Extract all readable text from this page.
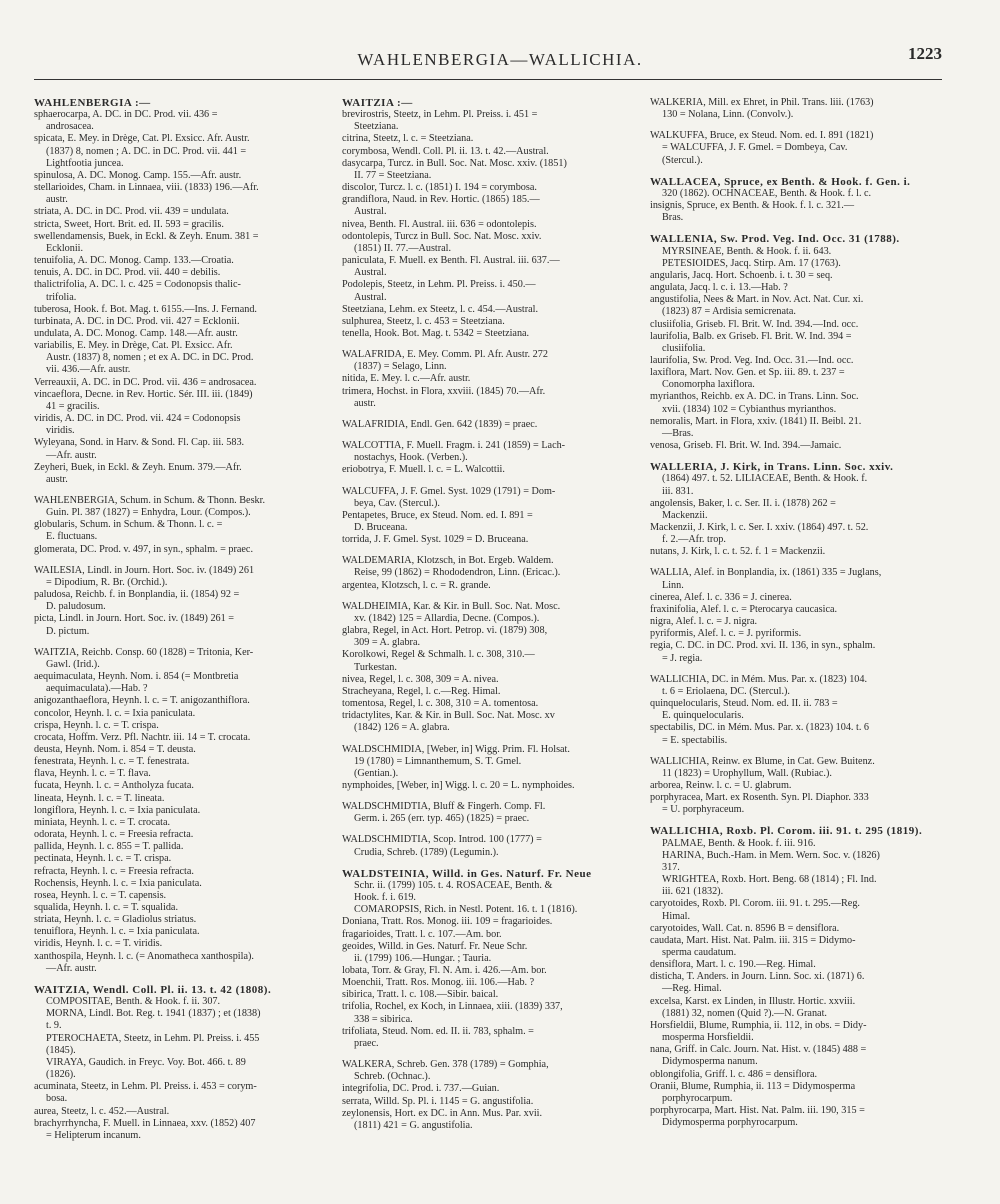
WAHLENBERGIA—WALLICHIA.	1223
WAHLENBERGIA :—
sphaerocarpa, A. DC. in DC. Prod. vii. 436 =
androsacea.
spicata, E. Mey. in Drège, Cat. Pl. Exsicc. Afr. Austr.
(1837) 8, nomen ; A. DC. in DC. Prod. vii. 441 =
Lightfootia juncea.
spinulosa, A. DC. Monog. Camp. 155.—Afr. austr.
stellarioides, Cham. in Linnaea, viii. (1833) 196.—Afr.
austr.
striata, A. DC. in DC. Prod. vii. 439 = undulata.
stricta, Sweet, Hort. Brit. ed. II. 593 = gracilis.
swellendamensis, Buek, in Eckl. & Zeyh. Enum. 381 =
Ecklonii.
tenuifolia, A. DC. Monog. Camp. 133.—Croatia.
tenuis, A. DC. in DC. Prod. vii. 440 = debilis.
thalictrifolia, A. DC. l. c. 425 = Codonopsis thalic-
trifolia.
tuberosa, Hook. f. Bot. Mag. t. 6155.—Ins. J. Fernand.
turbinata, A. DC. in DC. Prod. vii. 427 = Ecklonii.
undulata, A. DC. Monog. Camp. 148.—Afr. austr.
variabilis, E. Mey. in Drège, Cat. Pl. Exsicc. Afr.
Austr. (1837) 8, nomen ; et ex A. DC. in DC. Prod.
vii. 436.—Afr. austr.
Verreauxii, A. DC. in DC. Prod. vii. 436 = androsacea.
vincaeflora, Decne. in Rev. Hortic. Sér. III. iii. (1849)
41 = gracilis.
viridis, A. DC. in DC. Prod. vii. 424 = Codonopsis
viridis.
Wyleyana, Sond. in Harv. & Sond. Fl. Cap. iii. 583.
—Afr. austr.
Zeyheri, Buek, in Eckl. & Zeyh. Enum. 379.—Afr.
austr.
WAHLENBERGIA, Schum. in Schum. & Thonn. Beskr.
Guin. Pl. 387 (1827) = Enhydra, Lour. (Compos.).
globularis, Schum. in Schum. & Thonn. l. c. =
E. fluctuans.
glomerata, DC. Prod. v. 497, in syn., sphalm. = praec.
WAILESIA, Lindl. in Journ. Hort. Soc. iv. (1849) 261
= Dipodium, R. Br. (Orchid.).
paludosa, Reichb. f. in Bonplandia, ii. (1854) 92 =
D. paludosum.
picta, Lindl. in Journ. Hort. Soc. iv. (1849) 261 =
D. pictum.
WAITZIA, Reichb. Consp. 60 (1828) = Tritonia, Ker-
Gawl. (Irid.).
aequimaculata, Heynh. Nom. i. 854 (= Montbretia
aequimaculata).—Hab. ?
anigozanthaeflora, Heynh. l. c. = T. anigozanthiflora.
concolor, Heynh. l. c. = Ixia paniculata.
crispa, Heynh. l. c. = T. crispa.
crocata, Hoffm. Verz. Pfl. Nachtr. iii. 14 = T. crocata.
deusta, Heynh. Nom. i. 854 = T. deusta.
fenestrata, Heynh. l. c. = T. fenestrata.
flava, Heynh. l. c. = T. flava.
fucata, Heynh. l. c. = Antholyza fucata.
lineata, Heynh. l. c. = T. lineata.
longiflora, Heynh. l. c. = Ixia paniculata.
miniata, Heynh. l. c. = T. crocata.
odorata, Heynh. l. c. = Freesia refracta.
pallida, Heynh. l. c. 855 = T. pallida.
pectinata, Heynh. l. c. = T. crispa.
refracta, Heynh. l. c. = Freesia refracta.
Rochensis, Heynh. l. c. = Ixia paniculata.
rosea, Heynh. l. c. = T. capensis.
squalida, Heynh. l. c. = T. squalida.
striata, Heynh. l. c. = Gladiolus striatus.
tenuiflora, Heynh. l. c. = Ixia paniculata.
viridis, Heynh. l. c. = T. viridis.
xanthospila, Heynh. l. c. (= Anomatheca xanthospila).
—Afr. austr.
WAITZIA, Wendl. Coll. Pl. ii. 13. t. 42 (1808).
COMPOSITAE, Benth. & Hook. f. ii. 307.
MORNA, Lindl. Bot. Reg. t. 1941 (1837) ; et (1838)
t. 9.
PTEROCHAETA, Steetz, in Lehm. Pl. Preiss. i. 455
(1845).
VIRAYA, Gaudich. in Freyc. Voy. Bot. 466. t. 89
(1826).
acuminata, Steetz, in Lehm. Pl. Preiss. i. 453 = corym-
bosa.
aurea, Steetz, l. c. 452.—Austral.
brachyrrhyncha, F. Muell. in Linnaea, xxv. (1852) 407
= Helipterum incanum.
WAITZIA :—
brevirostris, Steetz, in Lehm. Pl. Preiss. i. 451 =
Steetziana.
citrina, Steetz, l. c. = Steetziana.
corymbosa, Wendl. Coll. Pl. ii. 13. t. 42.—Austral.
dasycarpa, Turcz. in Bull. Soc. Nat. Mosc. xxiv. (1851)
II. 77 = Steetziana.
discolor, Turcz. l. c. (1851) I. 194 = corymbosa.
grandiflora, Naud. in Rev. Hortic. (1865) 185.—
Austral.
nivea, Benth. Fl. Austral. iii. 636 = odontolepis.
odontolepis, Turcz in Bull. Soc. Nat. Mosc. xxiv.
(1851) II. 77.—Austral.
paniculata, F. Muell. ex Benth. Fl. Austral. iii. 637.—
Austral.
Podolepis, Steetz, in Lehm. Pl. Preiss. i. 450.—
Austral.
Steetziana, Lehm. ex Steetz, l. c. 454.—Austral.
sulphurea, Steetz, l. c. 453 = Steetziana.
tenella, Hook. Bot. Mag. t. 5342 = Steetziana.
WALAFRIDA, E. Mey. Comm. Pl. Afr. Austr. 272
(1837) = Selago, Linn.
nitida, E. Mey. l. c.—Afr. austr.
trimera, Hochst. in Flora, xxviii. (1845) 70.—Afr.
austr.
WALAFRIDIA, Endl. Gen. 642 (1839) = praec.
WALCOTTIA, F. Muell. Fragm. i. 241 (1859) = Lach-
nostachys, Hook. (Verben.).
eriobotrya, F. Muell. l. c. = L. Walcottii.
WALCUFFA, J. F. Gmel. Syst. 1029 (1791) = Dom-
beya, Cav. (Stercul.).
Pentapetes, Bruce, ex Steud. Nom. ed. I. 891 =
D. Bruceana.
torrida, J. F. Gmel. Syst. 1029 = D. Bruceana.
WALDEMARIA, Klotzsch, in Bot. Ergeb. Waldem.
Reise, 99 (1862) = Rhododendron, Linn. (Ericac.).
argentea, Klotzsch, l. c. = R. grande.
WALDHEIMIA, Kar. & Kir. in Bull. Soc. Nat. Mosc.
xv. (1842) 125 = Allardia, Decne. (Compos.).
glabra, Regel, in Act. Hort. Petrop. vi. (1879) 308,
309 = A. glabra.
Korolkowi, Regel & Schmalh. l. c. 308, 310.—
Turkestan.
nivea, Regel, l. c. 308, 309 = A. nivea.
Stracheyana, Regel, l. c.—Reg. Himal.
tomentosa, Regel, l. c. 308, 310 = A. tomentosa.
tridactylites, Kar. & Kir. in Bull. Soc. Nat. Mosc. xv
(1842) 126 = A. glabra.
WALDSCHMIDIA, [Weber, in] Wigg. Prim. Fl. Holsat.
19 (1780) = Limnanthemum, S. T. Gmel.
(Gentian.).
nymphoides, [Weber, in] Wigg. l. c. 20 = L. nymphoides.
WALDSCHMIDTIA, Bluff & Fingerh. Comp. Fl.
Germ. i. 265 (err. typ. 465) (1825) = praec.
WALDSCHMIDTIA, Scop. Introd. 100 (1777) =
Crudia, Schreb. (1789) (Legumin.).
WALDSTEINIA, Willd. in Ges. Naturf. Fr. Neue
Schr. ii. (1799) 105. t. 4. ROSACEAE, Benth. &
Hook. f. i. 619.
COMAROPSIS, Rich. in Nestl. Potent. 16. t. 1 (1816).
Doniana, Tratt. Ros. Monog. iii. 109 = fragarioides.
fragarioides, Tratt. l. c. 107.—Am. bor.
geoides, Willd. in Ges. Naturf. Fr. Neue Schr.
ii. (1799) 106.—Hungar. ; Tauria.
lobata, Torr. & Gray, Fl. N. Am. i. 426.—Am. bor.
Moenchii, Tratt. Ros. Monog. iii. 106.—Hab. ?
sibirica, Tratt. l. c. 108.—Sibir. baical.
trifolia, Rochel, ex Koch, in Linnaea, xiii. (1839) 337,
338 = sibirica.
trifoliata, Steud. Nom. ed. II. ii. 783, sphalm. =
praec.
WALKERA, Schreb. Gen. 378 (1789) = Gomphia,
Schreb. (Ochnac.).
integrifolia, DC. Prod. i. 737.—Guian.
serrata, Willd. Sp. Pl. i. 1145 = G. angustifolia.
zeylonensis, Hort. ex DC. in Ann. Mus. Par. xvii.
(1811) 421 = G. angustifolia.
WALKERIA, Mill. ex Ehret, in Phil. Trans. liii. (1763)
130 = Nolana, Linn. (Convolv.).
WALKUFFA, Bruce, ex Steud. Nom. ed. I. 891 (1821)
= WALCUFFA, J. F. Gmel. = Dombeya, Cav.
(Stercul.).
WALLACEA, Spruce, ex Benth. & Hook. f. Gen. i.
320 (1862). OCHNACEAE, Benth. & Hook. f. l. c.
insignis, Spruce, ex Benth. & Hook. f. l. c. 321.—
Bras.
WALLENIA, Sw. Prod. Veg. Ind. Occ. 31 (1788).
MYRSINEAE, Benth. & Hook. f. ii. 643.
PETESIOIDES, Jacq. Stirp. Am. 17 (1763).
angularis, Jacq. Hort. Schoenb. i. t. 30 = seq.
angulata, Jacq. l. c. i. 13.—Hab. ?
angustifolia, Nees & Mart. in Nov. Act. Nat. Cur. xi.
(1823) 87 = Ardisia semicrenata.
clusiifolia, Griseb. Fl. Brit. W. Ind. 394.—Ind. occ.
laurifolia, Balb. ex Griseb. Fl. Brit. W. Ind. 394 =
clusiifolia.
laurifolia, Sw. Prod. Veg. Ind. Occ. 31.—Ind. occ.
laxiflora, Mart. Nov. Gen. et Sp. iii. 89. t. 237 =
Conomorpha laxiflora.
myrianthos, Reichb. ex A. DC. in Trans. Linn. Soc.
xvii. (1834) 102 = Cybianthus myrianthos.
nemoralis, Mart. in Flora, xxiv. (1841) II. Beibl. 21.
—Bras.
venosa, Griseb. Fl. Brit. W. Ind. 394.—Jamaic.
WALLERIA, J. Kirk, in Trans. Linn. Soc. xxiv.
(1864) 497. t. 52. LILIACEAE, Benth. & Hook. f.
iii. 831.
angolensis, Baker, l. c. Ser. II. i. (1878) 262 =
Mackenzii.
Mackenzii, J. Kirk, l. c. Ser. I. xxiv. (1864) 497. t. 52.
f. 2.—Afr. trop.
nutans, J. Kirk, l. c. t. 52. f. 1 = Mackenzii.
WALLIA, Alef. in Bonplandia, ix. (1861) 335 = Juglans,
Linn.
cinerea, Alef. l. c. 336 = J. cinerea.
fraxinifolia, Alef. l. c. = Pterocarya caucasica.
nigra, Alef. l. c. = J. nigra.
pyriformis, Alef. l. c. = J. pyriformis.
regia, C. DC. in DC. Prod. xvi. II. 136, in syn., sphalm.
= J. regia.
WALLICHIA, DC. in Mém. Mus. Par. x. (1823) 104.
t. 6 = Eriolaena, DC. (Stercul.).
quinquelocularis, Steud. Nom. ed. II. ii. 783 =
E. quinquelocularis.
spectabilis, DC. in Mém. Mus. Par. x. (1823) 104. t. 6
= E. spectabilis.
WALLICHIA, Reinw. ex Blume, in Cat. Gew. Buitenz.
11 (1823) = Urophyllum, Wall. (Rubiac.).
arborea, Reinw. l. c. = U. glabrum.
porphyracea, Mart. ex Rosenth. Syn. Pl. Diaphor. 333
= U. porphyraceum.
WALLICHIA, Roxb. Pl. Corom. iii. 91. t. 295 (1819).
PALMAE, Benth. & Hook. f. iii. 916.
HARINA, Buch.-Ham. in Mem. Wern. Soc. v. (1826)
317.
WRIGHTEA, Roxb. Hort. Beng. 68 (1814) ; Fl. Ind.
iii. 621 (1832).
caryotoides, Roxb. Pl. Corom. iii. 91. t. 295.—Reg.
Himal.
caryotoides, Wall. Cat. n. 8596 B = densiflora.
caudata, Mart. Hist. Nat. Palm. iii. 315 = Didymo-
sperma caudatum.
densiflora, Mart. l. c. 190.—Reg. Himal.
disticha, T. Anders. in Journ. Linn. Soc. xi. (1871) 6.
—Reg. Himal.
excelsa, Karst. ex Linden, in Illustr. Hortic. xxviii.
(1881) 32, nomen (Quid ?).—N. Granat.
Horsfieldii, Blume, Rumphia, ii. 112, in obs. = Didy-
mosperma Horsfieldii.
nana, Griff. in Calc. Journ. Nat. Hist. v. (1845) 488 =
Didymosperma nanum.
oblongifolia, Griff. l. c. 486 = densiflora.
Oranii, Blume, Rumphia, ii. 113 = Didymosperma
porphyrocarpum.
porphyrocarpa, Mart. Hist. Nat. Palm. iii. 190, 315 =
Didymosperma porphyrocarpum.
